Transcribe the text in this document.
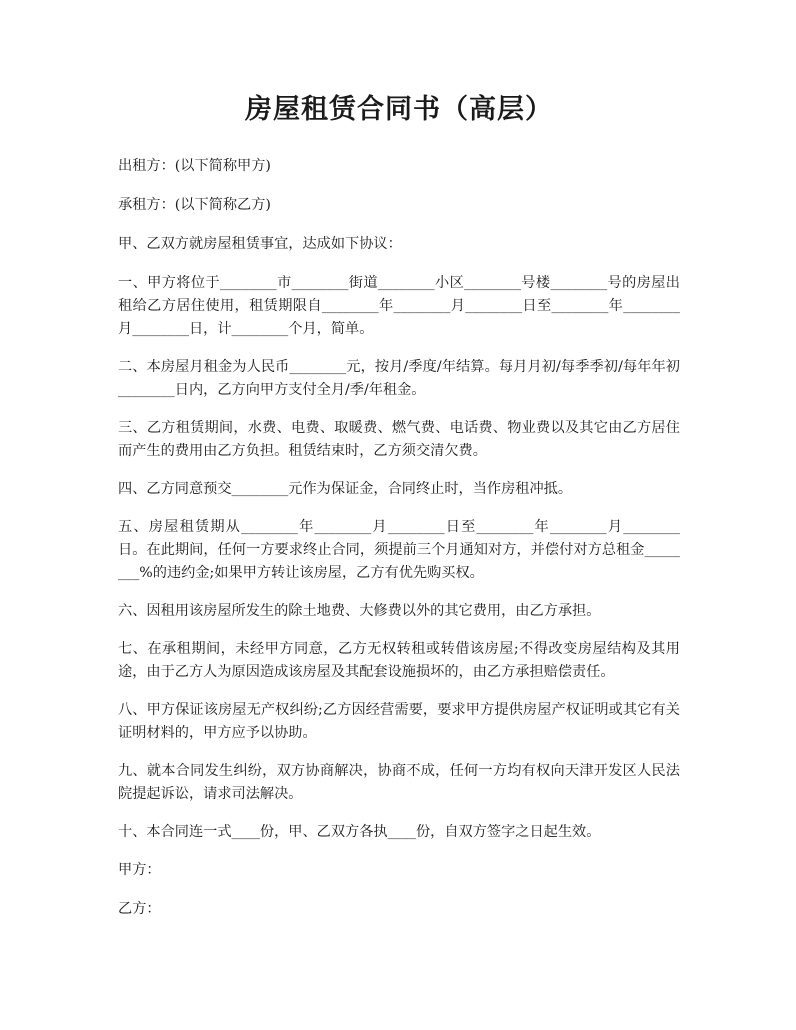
房屋租赁合同书（高层）

出租方：(以下简称甲方)

承租方：(以下简称乙方)

甲、乙双方就房屋租赁事宜，达成如下协议：

一、甲方将位于________市________街道________小区________号楼________号的房屋出租给乙方居住使用，租赁期限自________年________月________日至________年________月________日，计________个月，简单。

二、本房屋月租金为人民币________元，按月/季度/年结算。每月月初/每季季初/每年年初________日内，乙方向甲方支付全月/季/年租金。

三、乙方租赁期间，水费、电费、取暖费、燃气费、电话费、物业费以及其它由乙方居住而产生的费用由乙方负担。租赁结束时，乙方须交清欠费。

四、乙方同意预交________元作为保证金，合同终止时，当作房租冲抵。

五、房屋租赁期从________年________月________日至________年________月________日。在此期间，任何一方要求终止合同，须提前三个月通知对方，并偿付对方总租金________%的违约金;如果甲方转让该房屋，乙方有优先购买权。

六、因租用该房屋所发生的除土地费、大修费以外的其它费用，由乙方承担。

七、在承租期间，未经甲方同意，乙方无权转租或转借该房屋;不得改变房屋结构及其用途，由于乙方人为原因造成该房屋及其配套设施损坏的，由乙方承担赔偿责任。

八、甲方保证该房屋无产权纠纷;乙方因经营需要，要求甲方提供房屋产权证明或其它有关证明材料的，甲方应予以协助。

九、就本合同发生纠纷，双方协商解决，协商不成，任何一方均有权向天津开发区人民法院提起诉讼，请求司法解决。

十、本合同连一式____份，甲、乙双方各执____份，自双方签字之日起生效。

甲方：

乙方：
